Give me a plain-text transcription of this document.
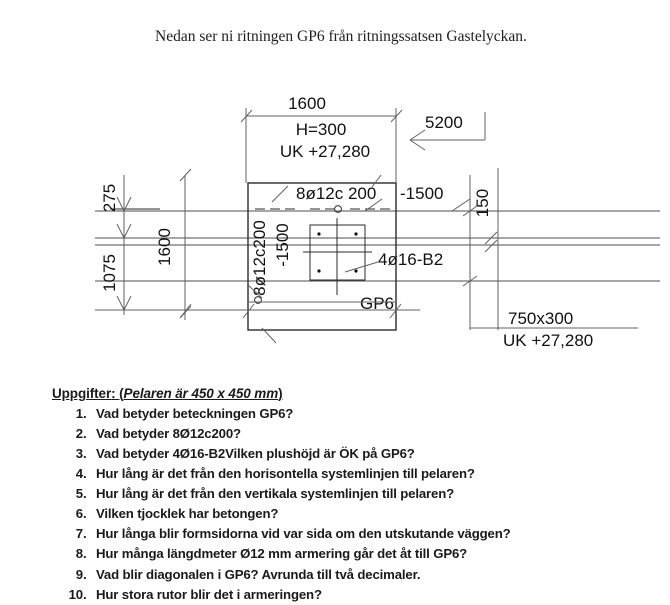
Nedan ser ni ritningen GP6 från ritningssatsen Gastelyckan.
1600
H=300
UK +27,280
5200
8ø12c 200 -1500 150
275
1075
1600	8ø12c200 -1500	4ø16-B2
GP6
750x300
UK +27,280
Uppgifter: (Pelaren är 450 x 450 mm)
1. Vad betyder beteckningen GP6?
2. Vad betyder 8Ø12c200?
3. Vad betyder 4Ø16-B2Vilken plushöjd är ÖK på GP6?
4. Hur lång är det från den horisontella systemlinjen till pelaren?
5. Hur lång är det från den vertikala systemlinjen till pelaren?
6. Vilken tjocklek har betongen?
7. Hur långa blir formsidorna vid var sida om den utskutande väggen?
8. Hur många längdmeter Ø12 mm armering går det åt till GP6?
9. Vad blir diagonalen i GP6? Avrunda till två decimaler.
10. Hur stora rutor blir det i armeringen?
